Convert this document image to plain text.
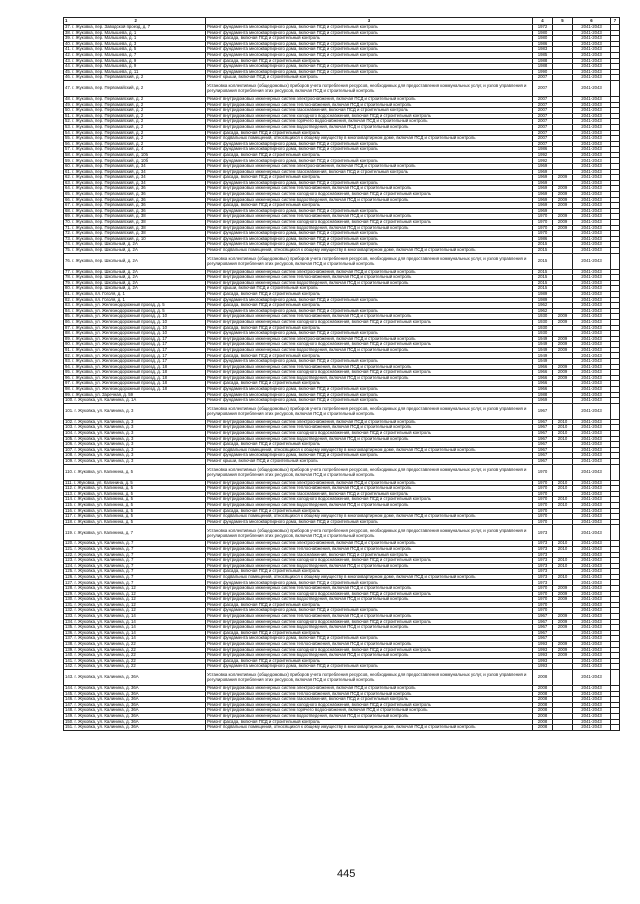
1 2	3	4	5	6	7
37. г. Жуковка, пер. Заводской проезд, д. 7	Ремонт фундамента многоквартирного дома, включая ПСД и строительный контроль	1972		2041-2043	
38. г. Жуковка, пер. Малышева, д. 1	Ремонт фундамента многоквартирного дома, включая ПСД и строительный контроль	1980		2041-2043	
39. г. Жуковка, пер. Малышева, д. 1	Ремонт фасада, включая ПСД и строительный контроль	1980		2041-2043	
40. г. Жуковка, пер. Малышева, д. 3	Ремонт фундамента многоквартирного дома, включая ПСД и строительный контроль	1986		2041-2043	
41. г. Жуковка, пер. Малышева, д. 5	Ремонт фундамента многоквартирного дома, включая ПСД и строительный контроль	1983		2041-2043	
42. г. Жуковка, пер. Малышева, д. 7	Ремонт фундамента многоквартирного дома, включая ПСД и строительный контроль	1985		2041-2043	
43. г. Жуковка, пер. Малышева, д. 9	Ремонт фасада, включая ПСД и строительный контроль	1988		2041-2043	
44. г. Жуковка, пер. Малышева, д. 9	Ремонт фундамента многоквартирного дома, включая ПСД и строительный контроль	1988		2041-2043	
45. г. Жуковка, пер. Малышева, д. 11	Ремонт фундамента многоквартирного дома, включая ПСД и строительный контроль	1990		2041-2043	
46. г. Жуковка, пер. Первомайский, д. 2	Ремонт крыши, включая ПСД и строительный контроль	2007		2041-2043	
47. г. Жуковка, пер. Первомайский, д. 2	Установка коллективных (общедомовых) приборов учета потребления ресурсов, необходимых для предоставления коммунальных услуг, и узлов управления и регулирования потребления этих ресурсов, включая ПСД и строительный контроль	2007		2041-2043	
48. г. Жуковка, пер. Первомайский, д. 2	Ремонт внутридомовых инженерных систем электроснабжения, включая ПСД и строительный контроль	2007		2041-2043	
49. г. Жуковка, пер. Первомайский, д. 2	Ремонт внутридомовых инженерных систем теплоснабжения, включая ПСД и строительный контроль	2007		2041-2043	
50. г. Жуковка, пер. Первомайский, д. 2	Ремонт внутридомовых инженерных систем газоснабжения, включая ПСД и строительный контроль	2007		2041-2043	
51. г. Жуковка, пер. Первомайский, д. 2	Ремонт внутридомовых инженерных систем холодного водоснабжения, включая ПСД и строительный контроль	2007		2041-2043	
52. г. Жуковка, пер. Первомайский, д. 2	Ремонт внутридомовых инженерных систем горячего водоснабжения, включая ПСД и строительный контроль	2007		2041-2043	
53. г. Жуковка, пер. Первомайский, д. 2	Ремонт внутридомовых инженерных систем водоотведения, включая ПСД и строительный контроль	2007		2041-2043	
54. г. Жуковка, пер. Первомайский, д. 2	Ремонт фасада, включая ПСД и строительный контроль	2007		2041-2043	
55. г. Жуковка, пер. Первомайский, д. 2	Ремонт подвальных помещений, относящихся к общему имуществу в многоквартирном доме, включая ПСД и строительный контроль	2007		2041-2043	
56. г. Жуковка, пер. Первомайский, д. 2	Ремонт фундамента многоквартирного дома, включая ПСД и строительный контроль	2007		2041-2043	
57. г. Жуковка, пер. Первомайский, д. 4	Ремонт фундамента многоквартирного дома, включая ПСД и строительный контроль	1986		2041-2043	
58. г. Жуковка, пер. Первомайский, д. 10б	Ремонт фасада, включая ПСД и строительный контроль	1992		2041-2043	
59. г. Жуковка, пер. Первомайский, д. 10б	Ремонт фундамента многоквартирного дома, включая ПСД и строительный контроль	1992		2041-2043	
60. г. Жуковка, пер. Первомайский, д. 34	Ремонт внутридомовых инженерных систем электроснабжения, включая ПСД и строительный контроль	1969		2041-2043	
61. г. Жуковка, пер. Первомайский, д. 34	Ремонт внутридомовых инженерных систем газоснабжения, включая ПСД и строительный контроль	1969		2041-2043	
62. г. Жуковка, пер. Первомайский, д. 34	Ремонт фасада, включая ПСД и строительный контроль	1969	2009	2041-2043	
63. г. Жуковка, пер. Первомайский, д. 34	Ремонт фундамента многоквартирного дома, включая ПСД и строительный контроль	1969		2041-2043	
64. г. Жуковка, пер. Первомайский, д. 36	Ремонт внутридомовых инженерных систем теплоснабжения, включая ПСД и строительный контроль	1969	2009	2041-2043	
65. г. Жуковка, пер. Первомайский, д. 36	Ремонт внутридомовых инженерных систем холодного водоснабжения, включая ПСД и строительный контроль	1969	2009	2041-2043	
66. г. Жуковка, пер. Первомайский, д. 36	Ремонт внутридомовых инженерных систем водоотведения, включая ПСД и строительный контроль	1969	2009	2041-2043	
67. г. Жуковка, пер. Первомайский, д. 36	Ремонт фасада, включая ПСД и строительный контроль	1969	2009	2041-2043	
68. г. Жуковка, пер. Первомайский, д. 36	Ремонт фундамента многоквартирного дома, включая ПСД и строительный контроль	1969		2041-2043	
69. г. Жуковка, пер. Первомайский, д. 38	Ремонт внутридомовых инженерных систем теплоснабжения, включая ПСД и строительный контроль	1970	2009	2041-2043	
70. г. Жуковка, пер. Первомайский, д. 38	Ремонт внутридомовых инженерных систем холодного водоснабжения, включая ПСД и строительный контроль	1970	2009	2041-2043	
71. г. Жуковка, пер. Первомайский, д. 38	Ремонт внутридомовых инженерных систем водоотведения, включая ПСД и строительный контроль	1970	2009	2041-2043	
72. г. Жуковка, пер. Первомайский, д. 38	Ремонт фундамента многоквартирного дома, включая ПСД и строительный контроль	1970		2041-2043	
73. г. Жуковка, пер. Первомайский, д. 10	Ремонт фундамента многоквартирного дома, включая ПСД и строительный контроль	1986		2041-2043	
74. г. Жуковка, пер. Школьный, д. 2А	Ремонт фундамента многоквартирного дома, включая ПСД и строительный контроль	2015		2041-2043	
75. г. Жуковка, пер. Школьный, д. 2А	Ремонт подвальных помещений, относящихся к общему имуществу в многоквартирном доме, включая ПСД и строительный контроль	2015		2041-2043	
76. г. Жуковка, пер. Школьный, д. 2А	Установка коллективных (общедомовых) приборов учета потребления ресурсов, необходимых для предоставления коммунальных услуг, и узлов управления и регулирования потребления этих ресурсов, включая ПСД и строительный контроль	2015		2041-2043	
77. г. Жуковка, пер. Школьный, д. 2А	Ремонт внутридомовых инженерных систем электроснабжения, включая ПСД и строительный контроль	2015		2041-2043	
78. г. Жуковка, пер. Школьный, д. 2А	Ремонт внутридомовых инженерных систем теплоснабжения, включая ПСД и строительный контроль	2015		2041-2043	
79. г. Жуковка, пер. Школьный, д. 2А	Ремонт внутридомовых инженерных систем водоотведения, включая ПСД и строительный контроль	2015		2041-2043	
80. г. Жуковка, пер. Школьный, д. 2А	Ремонт крыши, включая ПСД и строительный контроль	2015		2041-2043	
81. г. Жуковка, пл. Гоголя, д. 1	Ремонт фасада, включая ПСД и строительный контроль	1989		2041-2043	
82. г. Жуковка, пл. Гоголя, д. 1	Ремонт фундамента многоквартирного дома, включая ПСД и строительный контроль	1989		2041-2043	
83. г. Жуковка, ул. Железнодорожный проезд, д. 5	Ремонт фасада, включая ПСД и строительный контроль	1962		2041-2043	
84. г. Жуковка, ул. Железнодорожный проезд, д. 5	Ремонт фундамента многоквартирного дома, включая ПСД и строительный контроль	1962		2041-2043	
85. г. Жуковка, ул. Железнодорожный проезд, д. 10	Ремонт внутридомовых инженерных систем теплоснабжения, включая ПСД и строительный контроль	1930	2009	2041-2043	
86. г. Жуковка, ул. Железнодорожный проезд, д. 10	Ремонт внутридомовых инженерных систем холодного водоснабжения, включая ПСД и строительный контроль	1930	2009	2041-2043	
87. г. Жуковка, ул. Железнодорожный проезд, д. 10	Ремонт фасада, включая ПСД и строительный контроль	1930		2041-2043	
88. г. Жуковка, ул. Железнодорожный проезд, д. 10	Ремонт фундамента многоквартирного дома, включая ПСД и строительный контроль	1930		2041-2043	
89. г. Жуковка, ул. Железнодорожный проезд, д. 17	Ремонт внутридомовых инженерных систем электроснабжения, включая ПСД и строительный контроль	1949	2009	2041-2043	
90. г. Жуковка, ул. Железнодорожный проезд, д. 17	Ремонт внутридомовых инженерных систем холодного водоснабжения, включая ПСД и строительный контроль	1949	2009	2041-2043	
91. г. Жуковка, ул. Железнодорожный проезд, д. 17	Ремонт внутридомовых инженерных систем водоотведения, включая ПСД и строительный контроль	1949	2009	2041-2043	
92. г. Жуковка, ул. Железнодорожный проезд, д. 17	Ремонт фасада, включая ПСД и строительный контроль	1949		2041-2043	
93. г. Жуковка, ул. Железнодорожный проезд, д. 17	Ремонт фундамента многоквартирного дома, включая ПСД и строительный контроль	1949		2041-2043	
94. г. Жуковка, ул. Железнодорожный проезд, д. 18	Ремонт внутридомовых инженерных систем теплоснабжения, включая ПСД и строительный контроль	1966	2009	2041-2043	
95. г. Жуковка, ул. Железнодорожный проезд, д. 18	Ремонт внутридомовых инженерных систем холодного водоснабжения, включая ПСД и строительный контроль	1966	2009	2041-2043	
96. г. Жуковка, ул. Железнодорожный проезд, д. 18	Ремонт внутридомовых инженерных систем водоотведения, включая ПСД и строительный контроль	1966	2009	2041-2043	
97. г. Жуковка, ул. Железнодорожный проезд, д. 18	Ремонт фасада, включая ПСД и строительный контроль	1966		2041-2043	
98. г. Жуковка, ул. Железнодорожный проезд, д. 18	Ремонт фундамента многоквартирного дома, включая ПСД и строительный контроль	1966		2041-2043	
99. г. Жуковка, ул. Заречная, д. 59	Ремонт фундамента многоквартирного дома, включая ПСД и строительный контроль	1988		2041-2043	
100. г. Жуковка, ул. Калинина, д. 1А	Ремонт фундамента многоквартирного дома, включая ПСД и строительный контроль	1969		2041-2043	
101. г. Жуковка, ул. Калинина, д. 3	Установка коллективных (общедомовых) приборов учета потребления ресурсов, необходимых для предоставления коммунальных услуг, и узлов управления и регулирования потребления этих ресурсов, включая ПСД и строительный контроль	1967		2041-2043	
102. г. Жуковка, ул. Калинина, д. 3	Ремонт внутридомовых инженерных систем электроснабжения, включая ПСД и строительный контроль	1967	2010	2041-2043	
103. г. Жуковка, ул. Калинина, д. 3	Ремонт внутридомовых инженерных систем теплоснабжения, включая ПСД и строительный контроль	1967	2010	2041-2043	
104. г. Жуковка, ул. Калинина, д. 3	Ремонт внутридомовых инженерных систем холодного водоснабжения, включая ПСД и строительный контроль	1967	2010	2041-2043	
105. г. Жуковка, ул. Калинина, д. 3	Ремонт внутридомовых инженерных систем водоотведения, включая ПСД и строительный контроль	1967	2010	2041-2043	
106. г. Жуковка, ул. Калинина, д. 3	Ремонт фасада, включая ПСД и строительный контроль	1967		2041-2043	
107. г. Жуковка, ул. Калинина, д. 3	Ремонт подвальных помещений, относящихся к общему имуществу в многоквартирном доме, включая ПСД и строительный контроль	1967		2041-2043	
108. г. Жуковка, ул. Калинина, д. 3	Ремонт фундамента многоквартирного дома, включая ПСД и строительный контроль	1967		2041-2043	
109. г. Жуковка, ул. Калинина, д. 3	Ремонт крыши, включая ПСД и строительный контроль	1967		2041-2043	
110. г. Жуковка, ул. Калинина, д. 5	Установка коллективных (общедомовых) приборов учета потребления ресурсов, необходимых для предоставления коммунальных услуг, и узлов управления и регулирования потребления этих ресурсов, включая ПСД и строительный контроль	1970		2041-2043	
111. г. Жуковка, ул. Калинина, д. 5	Ремонт внутридомовых инженерных систем электроснабжения, включая ПСД и строительный контроль	1970	2010	2041-2043	
112. г. Жуковка, ул. Калинина, д. 5	Ремонт внутридомовых инженерных систем теплоснабжения, включая ПСД и строительный контроль	1970	2010	2041-2043	
113. г. Жуковка, ул. Калинина, д. 5	Ремонт внутридомовых инженерных систем газоснабжения, включая ПСД и строительный контроль	1970		2041-2043	
114. г. Жуковка, ул. Калинина, д. 5	Ремонт внутридомовых инженерных систем холодного водоснабжения, включая ПСД и строительный контроль	1970	2010	2041-2043	
115. г. Жуковка, ул. Калинина, д. 5	Ремонт внутридомовых инженерных систем водоотведения, включая ПСД и строительный контроль	1970	2010	2041-2043	
116. г. Жуковка, ул. Калинина, д. 5	Ремонт фасада, включая ПСД и строительный контроль	1970		2041-2043	
117. г. Жуковка, ул. Калинина, д. 5	Ремонт подвальных помещений, относящихся к общему имуществу в многоквартирном доме, включая ПСД и строительный контроль	1970		2041-2043	
118. г. Жуковка, ул. Калинина, д. 5	Ремонт фундамента многоквартирного дома, включая ПСД и строительный контроль	1970		2041-2043	
119. г. Жуковка, ул. Калинина, д. 7	Установка коллективных (общедомовых) приборов учета потребления ресурсов, необходимых для предоставления коммунальных услуг, и узлов управления и регулирования потребления этих ресурсов, включая ПСД и строительный контроль	1973		2041-2043	
120. г. Жуковка, ул. Калинина, д. 7	Ремонт внутридомовых инженерных систем электроснабжения, включая ПСД и строительный контроль	1973	2010	2041-2043	
121. г. Жуковка, ул. Калинина, д. 7	Ремонт внутридомовых инженерных систем теплоснабжения, включая ПСД и строительный контроль	1973	2010	2041-2043	
122. г. Жуковка, ул. Калинина, д. 7	Ремонт внутридомовых инженерных систем газоснабжения, включая ПСД и строительный контроль	1973		2041-2043	
123. г. Жуковка, ул. Калинина, д. 7	Ремонт внутридомовых инженерных систем холодного водоснабжения, включая ПСД и строительный контроль	1973	2010	2041-2043	
124. г. Жуковка, ул. Калинина, д. 7	Ремонт внутридомовых инженерных систем водоотведения, включая ПСД и строительный контроль	1973	2010	2041-2043	
125. г. Жуковка, ул. Калинина, д. 7	Ремонт фасада, включая ПСД и строительный контроль	1973		2041-2043	
126. г. Жуковка, ул. Калинина, д. 7	Ремонт подвальных помещений, относящихся к общему имуществу в многоквартирном доме, включая ПСД и строительный контроль	1973	2010	2041-2043	
127. г. Жуковка, ул. Калинина, д. 7	Ремонт фундамента многоквартирного дома, включая ПСД и строительный контроль	1973		2041-2043	
128. г. Жуковка, ул. Калинина, д. 12	Ремонт внутридомовых инженерных систем теплоснабжения, включая ПСД и строительный контроль	1970	2009	2041-2043	
129. г. Жуковка, ул. Калинина, д. 12	Ремонт внутридомовых инженерных систем холодного водоснабжения, включая ПСД и строительный контроль	1970	2009	2041-2043	
130. г. Жуковка, ул. Калинина, д. 12	Ремонт внутридомовых инженерных систем водоотведения, включая ПСД и строительный контроль	1970	2009	2041-2043	
131. г. Жуковка, ул. Калинина, д. 12	Ремонт фасада, включая ПСД и строительный контроль	1970		2041-2043	
132. г. Жуковка, ул. Калинина, д. 12	Ремонт фундамента многоквартирного дома, включая ПСД и строительный контроль	1970		2041-2043	
133. г. Жуковка, ул. Калинина, д. 14	Ремонт внутридомовых инженерных систем теплоснабжения, включая ПСД и строительный контроль	1967	2009	2041-2043	
134. г. Жуковка, ул. Калинина, д. 14	Ремонт внутридомовых инженерных систем холодного водоснабжения, включая ПСД и строительный контроль	1967	2009	2041-2043	
135. г. Жуковка, ул. Калинина, д. 14	Ремонт внутридомовых инженерных систем водоотведения, включая ПСД и строительный контроль	1967	2009	2041-2043	
136. г. Жуковка, ул. Калинина, д. 14	Ремонт фасада, включая ПСД и строительный контроль	1967		2041-2043	
137. г. Жуковка, ул. Калинина, д. 14	Ремонт фундамента многоквартирного дома, включая ПСД и строительный контроль	1967		2041-2043	
138. г. Жуковка, ул. Калинина, д. 22	Ремонт внутридомовых инженерных систем теплоснабжения, включая ПСД и строительный контроль	1993	2009	2041-2043	
139. г. Жуковка, ул. Калинина, д. 22	Ремонт внутридомовых инженерных систем холодного водоснабжения, включая ПСД и строительный контроль	1993	2009	2041-2043	
140. г. Жуковка, ул. Калинина, д. 22	Ремонт внутридомовых инженерных систем водоотведения, включая ПСД и строительный контроль	1993	2009	2041-2043	
141. г. Жуковка, ул. Калинина, д. 22	Ремонт фасада, включая ПСД и строительный контроль	1993		2041-2043	
142. г. Жуковка, ул. Калинина, д. 22	Ремонт фундамента многоквартирного дома, включая ПСД и строительный контроль	1993		2041-2043	
143. г. Жуковка, ул. Калинина, д. 36А	Установка коллективных (общедомовых) приборов учета потребления ресурсов, необходимых для предоставления коммунальных услуг, и узлов управления и регулирования потребления этих ресурсов, включая ПСД и строительный контроль	2008		2041-2043	
144. г. Жуковка, ул. Калинина, д. 36А	Ремонт внутридомовых инженерных систем электроснабжения, включая ПСД и строительный контроль	2008		2041-2043	
145. г. Жуковка, ул. Калинина, д. 36А	Ремонт внутридомовых инженерных систем теплоснабжения, включая ПСД и строительный контроль	2008		2041-2043	
146. г. Жуковка, ул. Калинина, д. 36А	Ремонт внутридомовых инженерных систем газоснабжения, включая ПСД и строительный контроль	2008		2041-2043	
147. г. Жуковка, ул. Калинина, д. 36А	Ремонт внутридомовых инженерных систем холодного водоснабжения, включая ПСД и строительный контроль	2008		2041-2043	
148. г. Жуковка, ул. Калинина, д. 36А	Ремонт внутридомовых инженерных систем горячего водоснабжения, включая ПСД и строительный контроль	2008		2041-2043	
149. г. Жуковка, ул. Калинина, д. 36А	Ремонт внутридомовых инженерных систем водоотведения, включая ПСД и строительный контроль	2008		2041-2043	
150. г. Жуковка, ул. Калинина, д. 36А	Ремонт фасада, включая ПСД и строительный контроль	2008		2041-2043	
151. г. Жуковка, ул. Калинина, д. 36А	Ремонт подвальных помещений, относящихся к общему имуществу в многоквартирном доме, включая ПСД и строительный контроль	2008		2041-2043	
445
